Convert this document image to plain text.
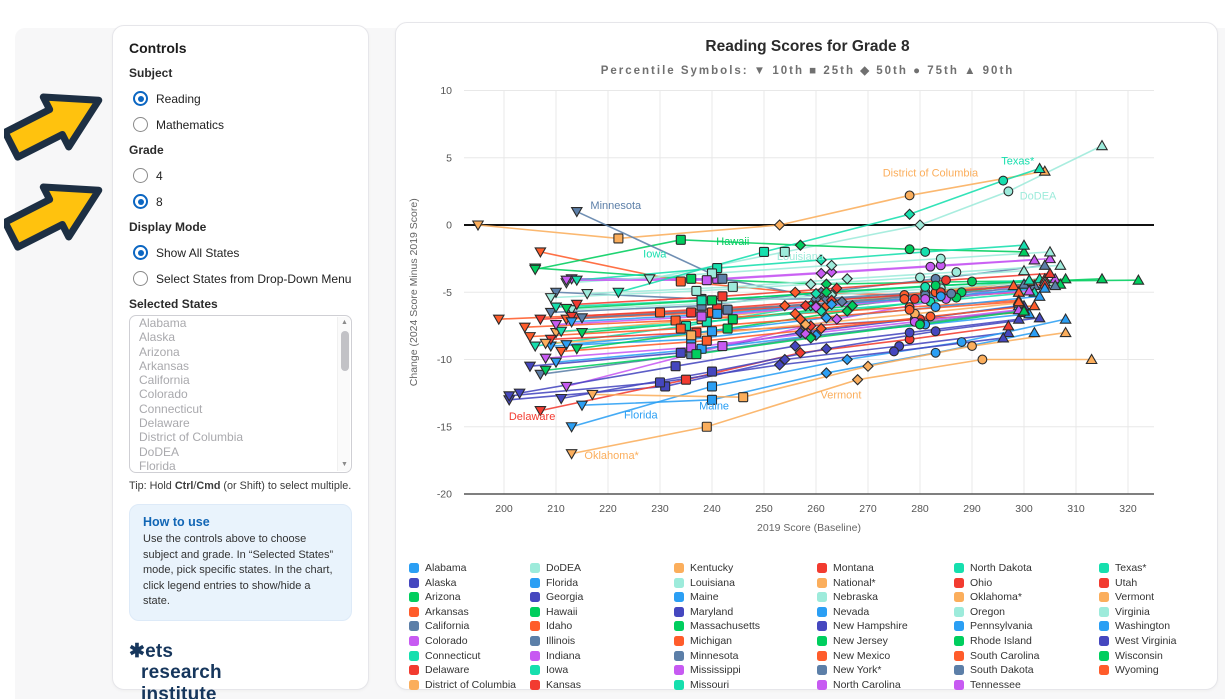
Controls
Subject
Reading
Mathematics
Grade
4
8
Display Mode
Show All States
Select States from Drop-Down Menu
Selected States
Alabama
Alaska
Arizona
Arkansas
California
Colorado
Connecticut
Delaware
District of Columbia
DoDEA
Florida
▲
▼
Tip: Hold Ctrl/Cmd (or Shift) to select multiple.
How to use
Use the controls above to choose subject and grade. In “Selected States” mode, pick specific states. In the chart, click legend entries to show/hide a state.
✱ets
research
institute
Reading Scores for Grade 8
Percentile Symbols: ▼ 10th ■ 25th ◆ 50th ● 75th ▲ 90th
200	210	220	230	240	250	260	270	280	290	300	310	320
10
5
0
-5
-10
-15
-20
2019 Score (Baseline)
Change (2024 Score Minus 2019 Score)	Minnesota
Iowa
Hawaii
Louisiana
District of Columbia
Texas*
DoDEA
Vermont
Maine
Florida
Delaware
Oklahoma*
Alabama
Alaska
Arizona
Arkansas
California
Colorado
Connecticut
Delaware
District of Columbia
DoDEA
Florida
Georgia
Hawaii
Idaho
Illinois
Indiana
Iowa
Kansas
Kentucky
Louisiana
Maine
Maryland
Massachusetts
Michigan
Minnesota
Mississippi
Missouri
Montana
National*
Nebraska
Nevada
New Hampshire
New Jersey
New Mexico
New York*
North Carolina
North Dakota
Ohio
Oklahoma*
Oregon
Pennsylvania
Rhode Island
South Carolina
South Dakota
Tennessee
Texas*
Utah
Vermont
Virginia
Washington
West Virginia
Wisconsin
Wyoming
